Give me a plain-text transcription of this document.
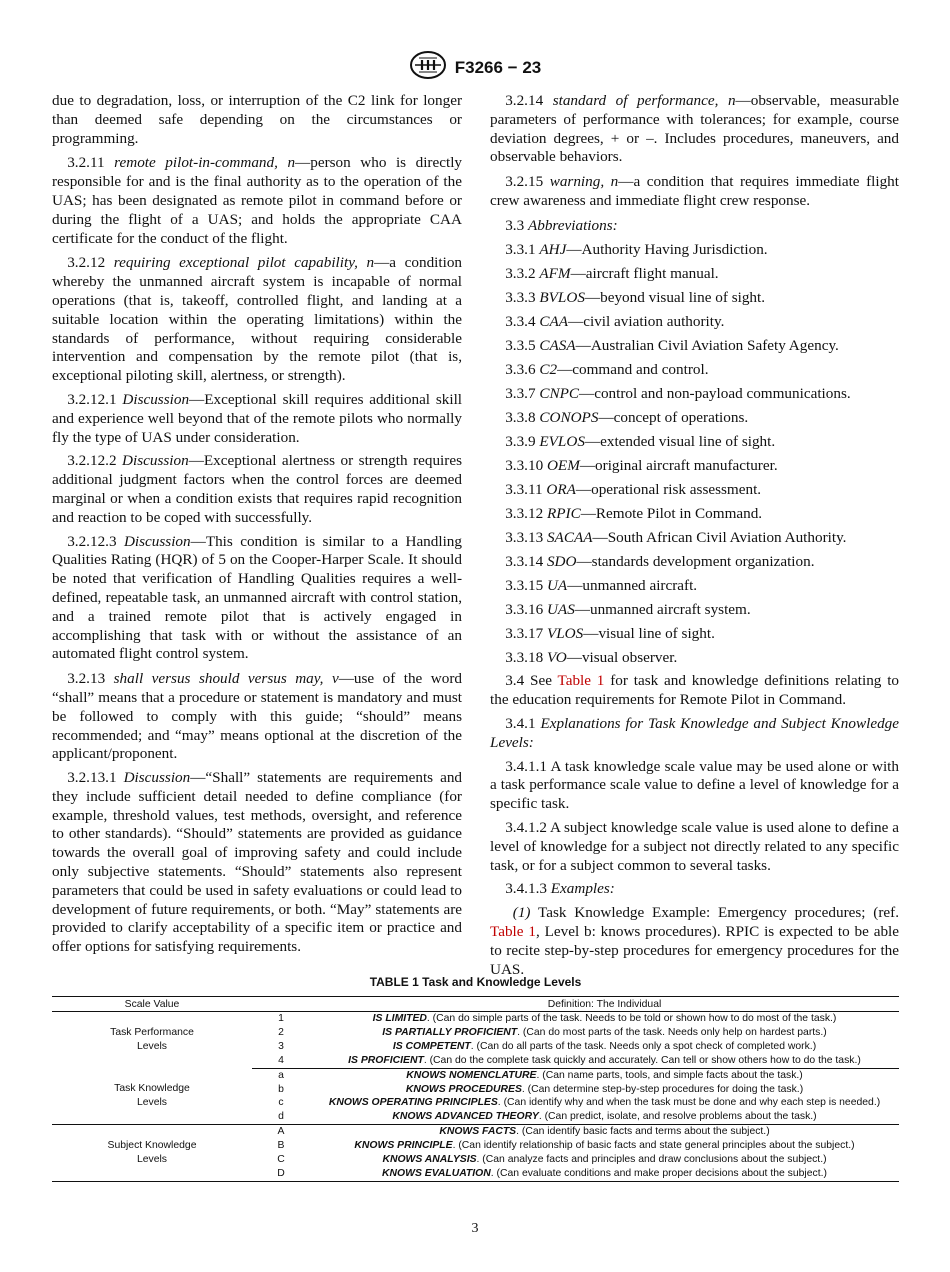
F3266 − 23

due to degradation, loss, or interruption of the C2 link for longer than deemed safe depending on the circumstances or programming.

 3.2.11 remote pilot-in-command, n—person who is directly responsible for and is the final authority as to the operation of the UAS; has been designated as remote pilot in command before or during the flight of a UAS; and holds the appropriate CAA certificate for the conduct of the flight.

 3.2.12 requiring exceptional pilot capability, n—a condition whereby the unmanned aircraft system is incapable of normal operations (that is, takeoff, controlled flight, and landing at a suitable location within the operating limitations) within the standards of performance, without requiring considerable intervention and compensation by the remote pilot (that is, exceptional piloting skill, alertness, or strength).

 3.2.12.1 Discussion—Exceptional skill requires additional skill and experience well beyond that of the remote pilots who normally fly the type of UAS under consideration.

 3.2.12.2 Discussion—Exceptional alertness or strength requires additional judgment factors when the control forces are deemed marginal or when a condition exists that requires rapid recognition and reaction to be coped with successfully.

 3.2.12.3 Discussion—This condition is similar to a Handling Qualities Rating (HQR) of 5 on the Cooper-Harper Scale. It should be noted that verification of Handling Qualities requires a well-defined, repeatable task, an unmanned aircraft with control station, and a trained remote pilot that is actively engaged in accomplishing that task with or without the assistance of an automated flight control system.

 3.2.13 shall versus should versus may, v—use of the word “shall” means that a procedure or statement is mandatory and must be followed to comply with this guide; “should” means recommended; and “may” means optional at the discretion of the applicant/proponent.

 3.2.13.1 Discussion—“Shall” statements are requirements and they include sufficient detail needed to define compliance (for example, threshold values, test methods, oversight, and reference to other standards). “Should” statements are provided as guidance towards the overall goal of improving safety and could include only subjective statements. “Should” statements also represent parameters that could be used in safety evaluations or could lead to development of future requirements, or both. “May” statements are provided to clarify acceptability of a specific item or practice and offer options for satisfying requirements.

 3.2.14 standard of performance, n—observable, measurable parameters of performance with tolerances; for example, course deviation degrees, + or –. Includes procedures, maneuvers, and observable behaviors.

 3.2.15 warning, n—a condition that requires immediate flight crew awareness and immediate flight crew response.

 3.3 Abbreviations:

 3.3.1 AHJ—Authority Having Jurisdiction.

 3.3.2 AFM—aircraft flight manual.

 3.3.3 BVLOS—beyond visual line of sight.

 3.3.4 CAA—civil aviation authority.

 3.3.5 CASA—Australian Civil Aviation Safety Agency.

 3.3.6 C2—command and control.

 3.3.7 CNPC—control and non-payload communications.

 3.3.8 CONOPS—concept of operations.

 3.3.9 EVLOS—extended visual line of sight.

 3.3.10 OEM—original aircraft manufacturer.

 3.3.11 ORA—operational risk assessment.

 3.3.12 RPIC—Remote Pilot in Command.

 3.3.13 SACAA—South African Civil Aviation Authority.

 3.3.14 SDO—standards development organization.

 3.3.15 UA—unmanned aircraft.

 3.3.16 UAS—unmanned aircraft system.

 3.3.17 VLOS—visual line of sight.

 3.3.18 VO—visual observer.

 3.4 See Table 1 for task and knowledge definitions relating to the education requirements for Remote Pilot in Command.

 3.4.1 Explanations for Task Knowledge and Subject Knowledge Levels:

 3.4.1.1 A task knowledge scale value may be used alone or with a task performance scale value to define a level of knowledge for a specific task.

 3.4.1.2 A subject knowledge scale value is used alone to define a level of knowledge for a subject not directly related to any specific task, or for a subject common to several tasks.

 3.4.1.3 Examples:

  (1) Task Knowledge Example: Emergency procedures; (ref. Table 1, Level b: knows procedures). RPIC is expected to be able to recite step-by-step procedures for emergency procedures for the UAS.

TABLE 1 Task and Knowledge Levels
Scale Value		Definition: The Individual
Task Performance
Levels	1	IS LIMITED. (Can do simple parts of the task. Needs to be told or shown how to do most of the task.)
	2	IS PARTIALLY PROFICIENT. (Can do most parts of the task. Needs only help on hardest parts.)
	3	IS COMPETENT. (Can do all parts of the task. Needs only a spot check of completed work.)
	4	IS PROFICIENT. (Can do the complete task quickly and accurately. Can tell or show others how to do the task.)
Task Knowledge
Levels	a	KNOWS NOMENCLATURE. (Can name parts, tools, and simple facts about the task.)
	b	KNOWS PROCEDURES. (Can determine step-by-step procedures for doing the task.)
	c	KNOWS OPERATING PRINCIPLES. (Can identify why and when the task must be done and why each step is needed.)
	d	KNOWS ADVANCED THEORY. (Can predict, isolate, and resolve problems about the task.)
Subject Knowledge
Levels	A	KNOWS FACTS. (Can identify basic facts and terms about the subject.)
	B	KNOWS PRINCIPLE. (Can identify relationship of basic facts and state general principles about the subject.)
	C	KNOWS ANALYSIS. (Can analyze facts and principles and draw conclusions about the subject.)
	D	KNOWS EVALUATION. (Can evaluate conditions and make proper decisions about the subject.)
3
